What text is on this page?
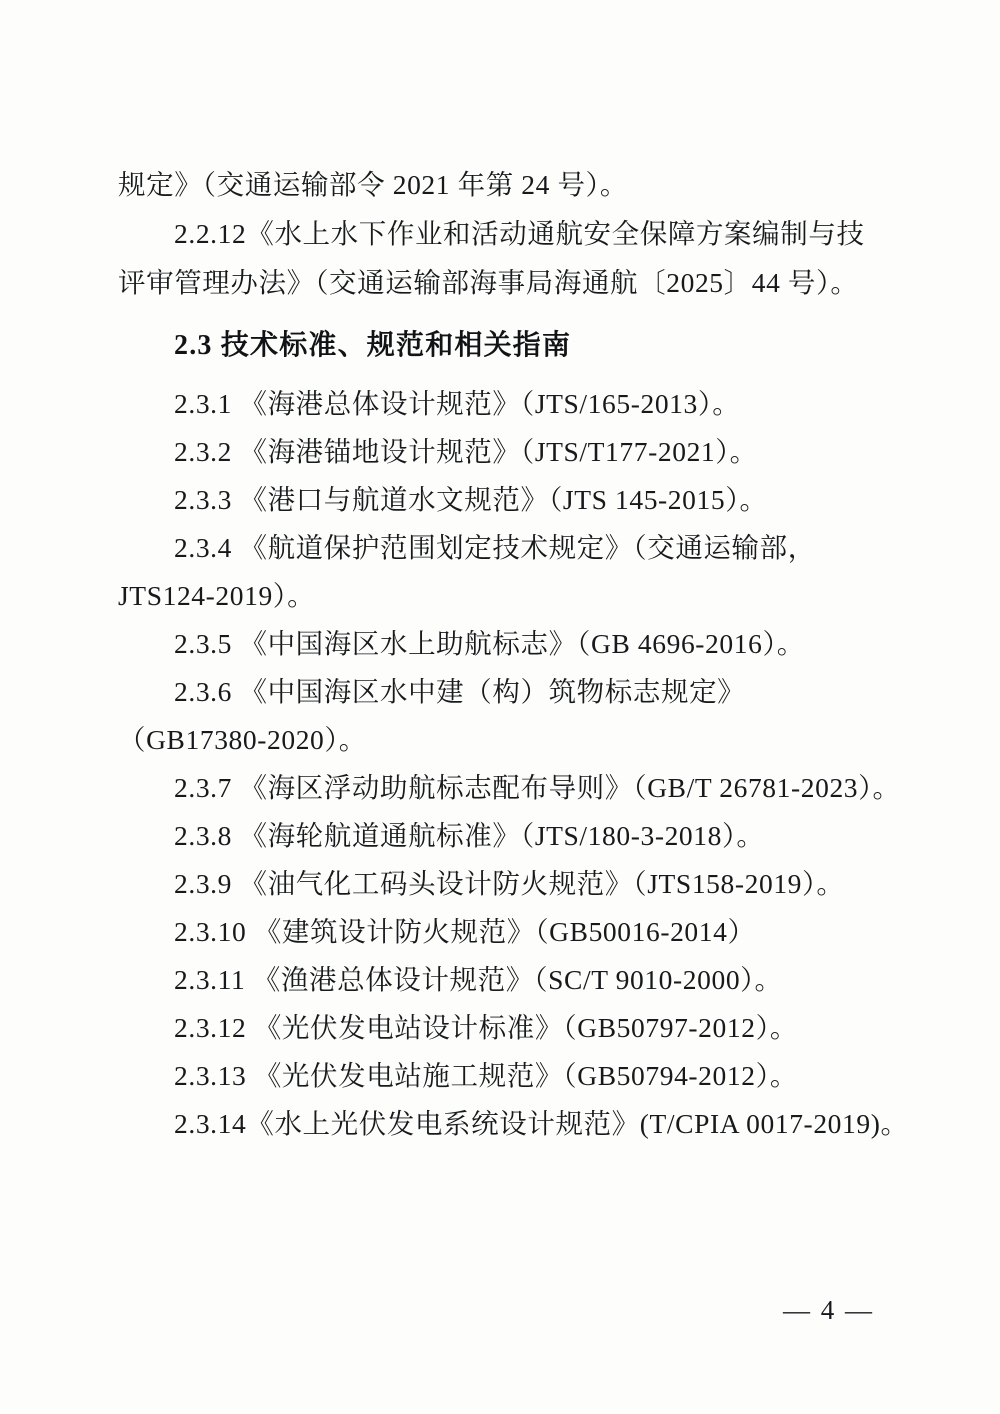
规定》（交通运输部令 2021 年第 24 号）。
2.2.12《水上水下作业和活动通航安全保障方案编制与技
评审管理办法》（交通运输部海事局海通航〔2025〕44 号）。
2.3 技术标准、规范和相关指南
2.3.1 《海港总体设计规范》（JTS/165-2013）。
2.3.2 《海港锚地设计规范》（JTS/T177-2021）。
2.3.3 《港口与航道水文规范》（JTS 145-2015）。
2.3.4 《航道保护范围划定技术规定》（交通运输部，
JTS124-2019）。
2.3.5 《中国海区水上助航标志》（GB 4696-2016）。
2.3.6 《中国海区水中建（构）筑物标志规定》
（GB17380-2020）。
2.3.7 《海区浮动助航标志配布导则》（GB/T 26781-2023）。
2.3.8 《海轮航道通航标准》（JTS/180-3-2018）。
2.3.9 《油气化工码头设计防火规范》（JTS158-2019）。
2.3.10 《建筑设计防火规范》（GB50016-2014）
2.3.11 《渔港总体设计规范》（SC/T 9010-2000）。
2.3.12 《光伏发电站设计标准》（GB50797-2012）。
2.3.13 《光伏发电站施工规范》（GB50794-2012）。
2.3.14《水上光伏发电系统设计规范》(T/CPIA 0017-2019)。
— 4 —
